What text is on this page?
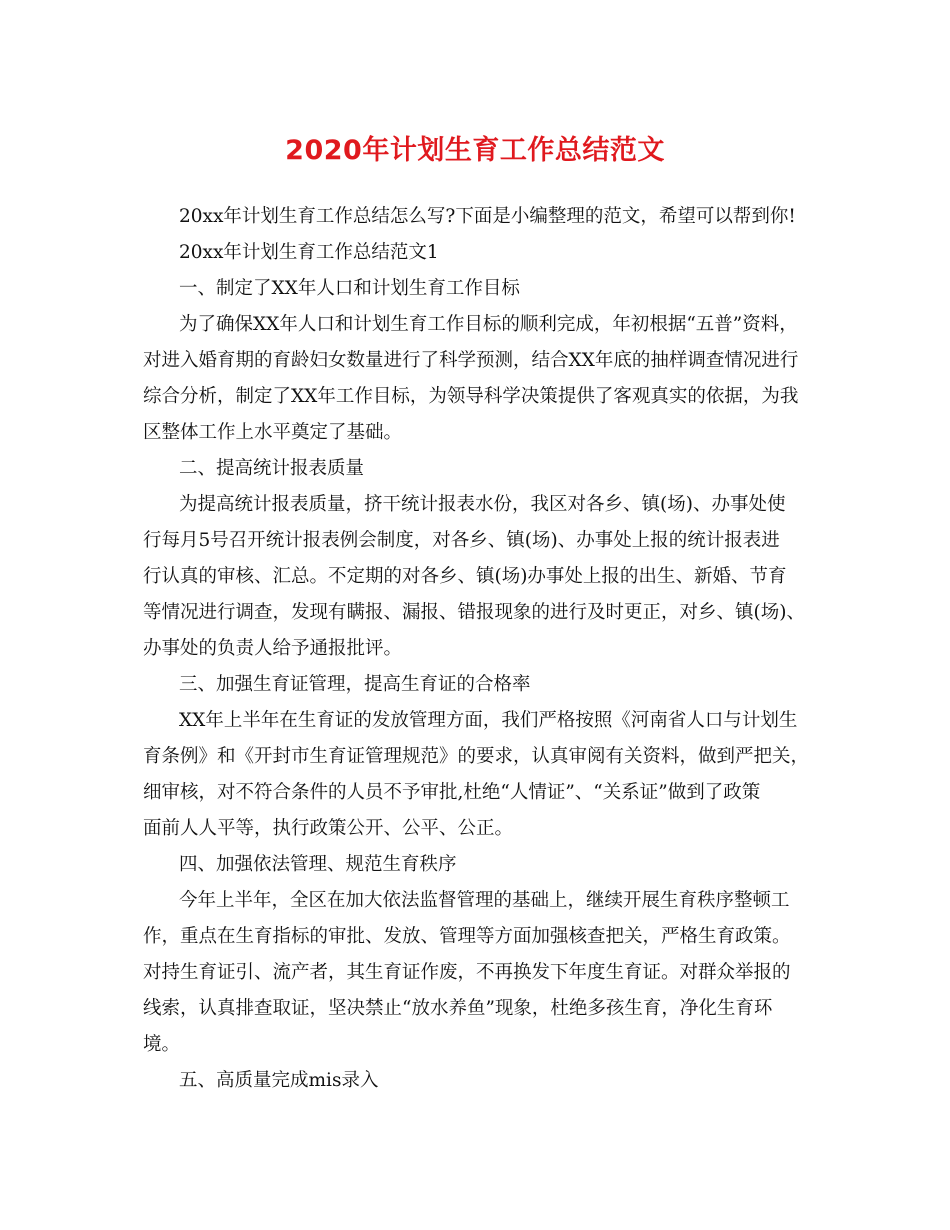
2020年计划生育工作总结范文
20xx年计划生育工作总结怎么写?下面是小编整理的范文，希望可以帮到你!
20xx年计划生育工作总结范文1
一、制定了XX年人口和计划生育工作目标
为了确保XX年人口和计划生育工作目标的顺利完成，年初根据“五普”资料，
对进入婚育期的育龄妇女数量进行了科学预测，结合XX年底的抽样调查情况进行
综合分析，制定了XX年工作目标，为领导科学决策提供了客观真实的依据，为我
区整体工作上水平奠定了基础。
二、提高统计报表质量
为提高统计报表质量，挤干统计报表水份，我区对各乡、镇(场)、办事处使
行每月5号召开统计报表例会制度，对各乡、镇(场)、办事处上报的统计报表进
行认真的审核、汇总。不定期的对各乡、镇(场)办事处上报的出生、新婚、节育
等情况进行调查，发现有瞒报、漏报、错报现象的进行及时更正，对乡、镇(场)、
办事处的负责人给予通报批评。
三、加强生育证管理，提高生育证的合格率
XX年上半年在生育证的发放管理方面，我们严格按照《河南省人口与计划生
育条例》和《开封市生育证管理规范》的要求，认真审阅有关资料，做到严把关，
细审核，对不符合条件的人员不予审批,杜绝“人情证”、“关系证”做到了政策
面前人人平等，执行政策公开、公平、公正。
四、加强依法管理、规范生育秩序
今年上半年，全区在加大依法监督管理的基础上，继续开展生育秩序整顿工
作，重点在生育指标的审批、发放、管理等方面加强核查把关，严格生育政策。
对持生育证引、流产者，其生育证作废，不再换发下年度生育证。对群众举报的
线索，认真排查取证，坚决禁止“放水养鱼”现象，杜绝多孩生育，净化生育环
境。
五、高质量完成mis录入
